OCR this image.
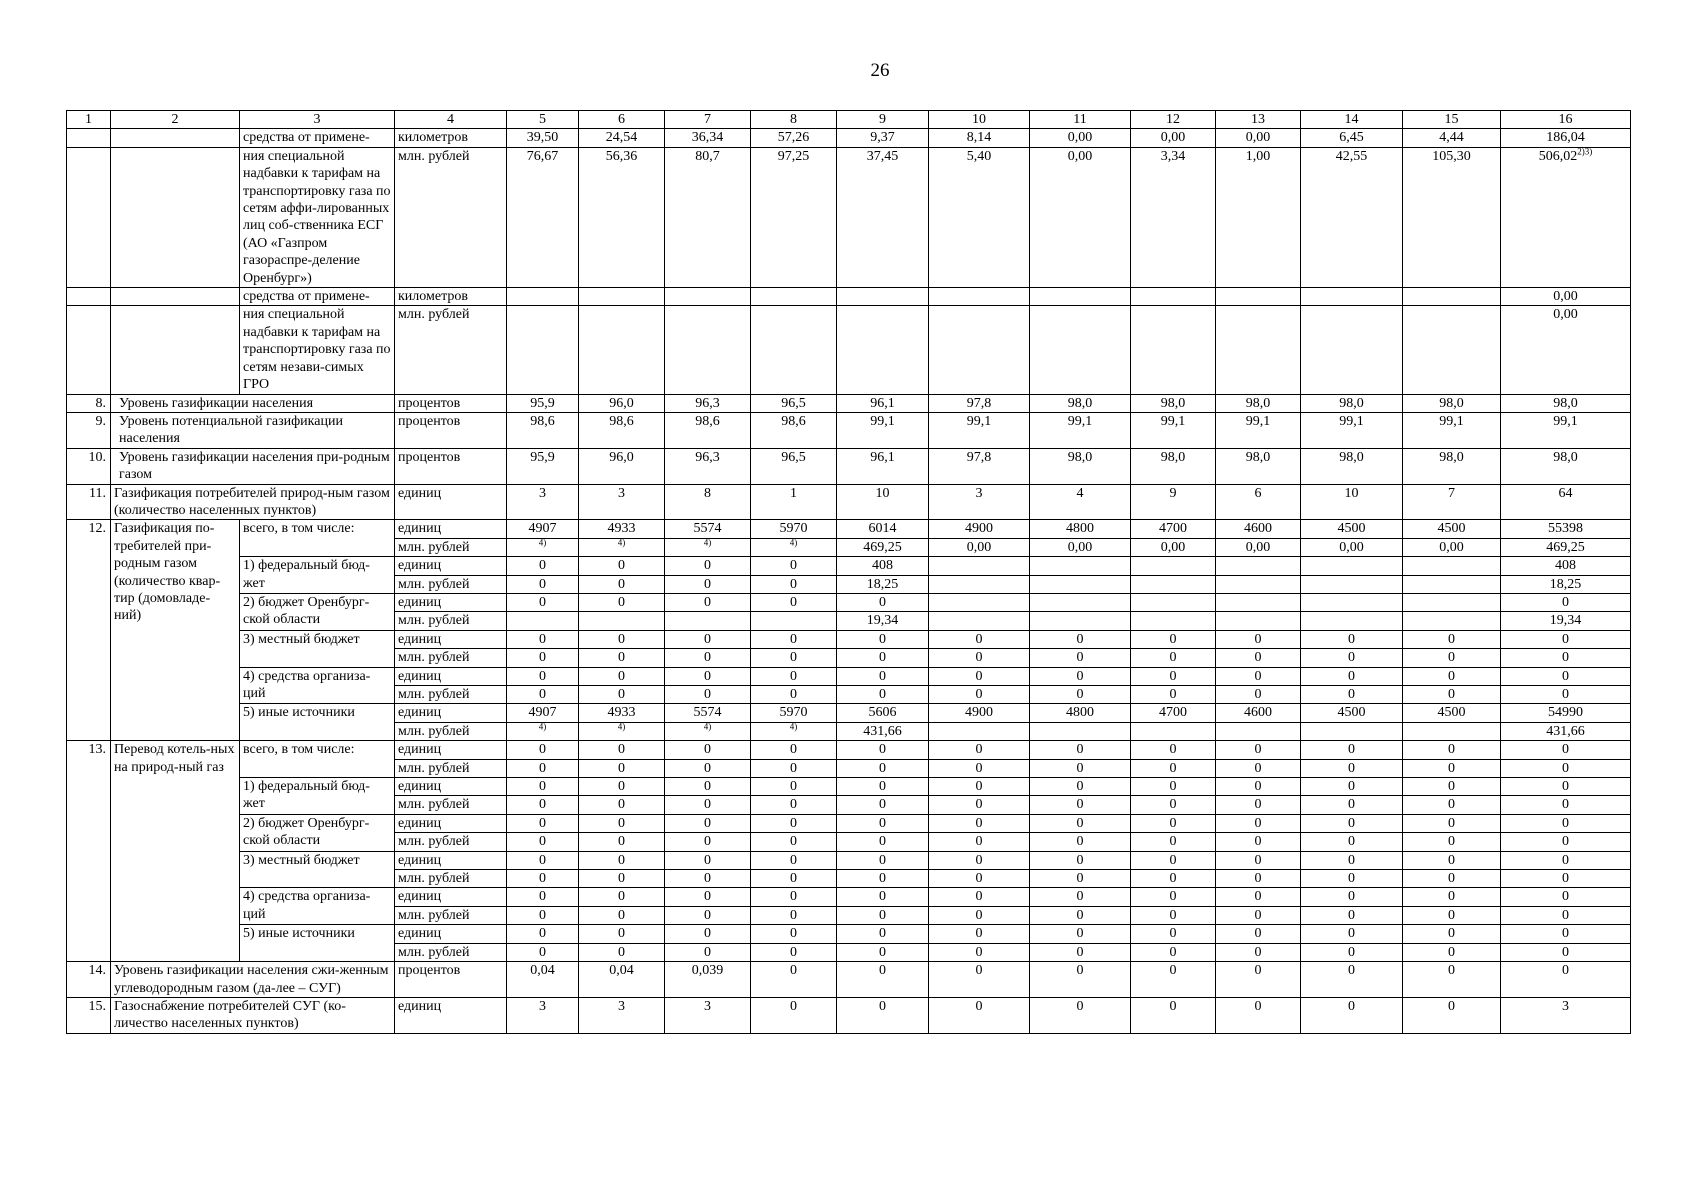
26
1	2	3	4	5	6	7	8	9	10	11	12	13	14	15	16
		средства от примене-	километров	39,50	24,54	36,34	57,26	9,37	8,14	0,00	0,00	0,00	6,45	4,44	186,04
		ния специальной надбавки к тарифам на транспортировку газа по сетям аффи-лированных лиц соб-ственника ЕСГ (АО «Газпром газораспре-деление Оренбург»)	млн. рублей	76,67	56,36	80,7	97,25	37,45	5,40	0,00	3,34	1,00	42,55	105,30	$506,02^{2)3)}$
		средства от примене-	километров												0,00
		ния специальной надбавки к тарифам на транспортировку газа по сетям незави-симых ГРО	млн. рублей												0,00
8.	Уровень газификации населения		процентов	95,9	96,0	96,3	96,5	96,1	97,8	98,0	98,0	98,0	98,0	98,0	98,0
9.	Уровень потенциальной газификации населения		процентов	98,6	98,6	98,6	98,6	99,1	99,1	99,1	99,1	99,1	99,1	99,1	99,1
10.	Уровень газификации населения при-родным газом		процентов	95,9	96,0	96,3	96,5	96,1	97,8	98,0	98,0	98,0	98,0	98,0	98,0
11.	Газификация потребителей природ-ным газом (количество населенных пунктов)		единиц	3	3	8	1	10	3	4	9	6	10	7	64
12.	Газификация по-требителей при-родным газом (количество квар-тир (домовладе-ний)	всего, в том числе:	единиц	4907	4933	5574	5970	6014	4900	4800	4700	4600	4500	4500	55398
			млн. рублей	$^{4)}$	$^{4)}$	$^{4)}$	$^{4)}$	469,25	0,00	0,00	0,00	0,00	0,00	0,00	469,25
		1) федеральный бюд-жет	единиц	0	0	0	0	408							408
			млн. рублей	0	0	0	0	18,25							18,25
		2) бюджет Оренбург-ской области	единиц	0	0	0	0	0							0
			млн. рублей					19,34							19,34
		3) местный бюджет	единиц	0	0	0	0	0	0	0	0	0	0	0	0
			млн. рублей	0	0	0	0	0	0	0	0	0	0	0	0
		4) средства организа-ций	единиц	0	0	0	0	0	0	0	0	0	0	0	0
			млн. рублей	0	0	0	0	0	0	0	0	0	0	0	0
		5) иные источники	единиц	4907	4933	5574	5970	5606	4900	4800	4700	4600	4500	4500	54990
			млн. рублей	$^{4)}$	$^{4)}$	$^{4)}$	$^{4)}$	431,66							431,66
13.	Перевод котель-ных на природ-ный газ	всего, в том числе:	единиц	0	0	0	0	0	0	0	0	0	0	0	0
			млн. рублей	0	0	0	0	0	0	0	0	0	0	0	0
		1) федеральный бюд-жет	единиц	0	0	0	0	0	0	0	0	0	0	0	0
			млн. рублей	0	0	0	0	0	0	0	0	0	0	0	0
		2) бюджет Оренбург-ской области	единиц	0	0	0	0	0	0	0	0	0	0	0	0
			млн. рублей	0	0	0	0	0	0	0	0	0	0	0	0
		3) местный бюджет	единиц	0	0	0	0	0	0	0	0	0	0	0	0
			млн. рублей	0	0	0	0	0	0	0	0	0	0	0	0
		4) средства организа-ций	единиц	0	0	0	0	0	0	0	0	0	0	0	0
			млн. рублей	0	0	0	0	0	0	0	0	0	0	0	0
		5) иные источники	единиц	0	0	0	0	0	0	0	0	0	0	0	0
			млн. рублей	0	0	0	0	0	0	0	0	0	0	0	0
14.	Уровень газификации населения сжи-женным углеводородным газом (да-лее – СУГ)		процентов	0,04	0,04	0,039	0	0	0	0	0	0	0	0	0
15.	Газоснабжение потребителей СУГ (ко-личество населенных пунктов)		единиц	3	3	3	0	0	0	0	0	0	0	0	3
